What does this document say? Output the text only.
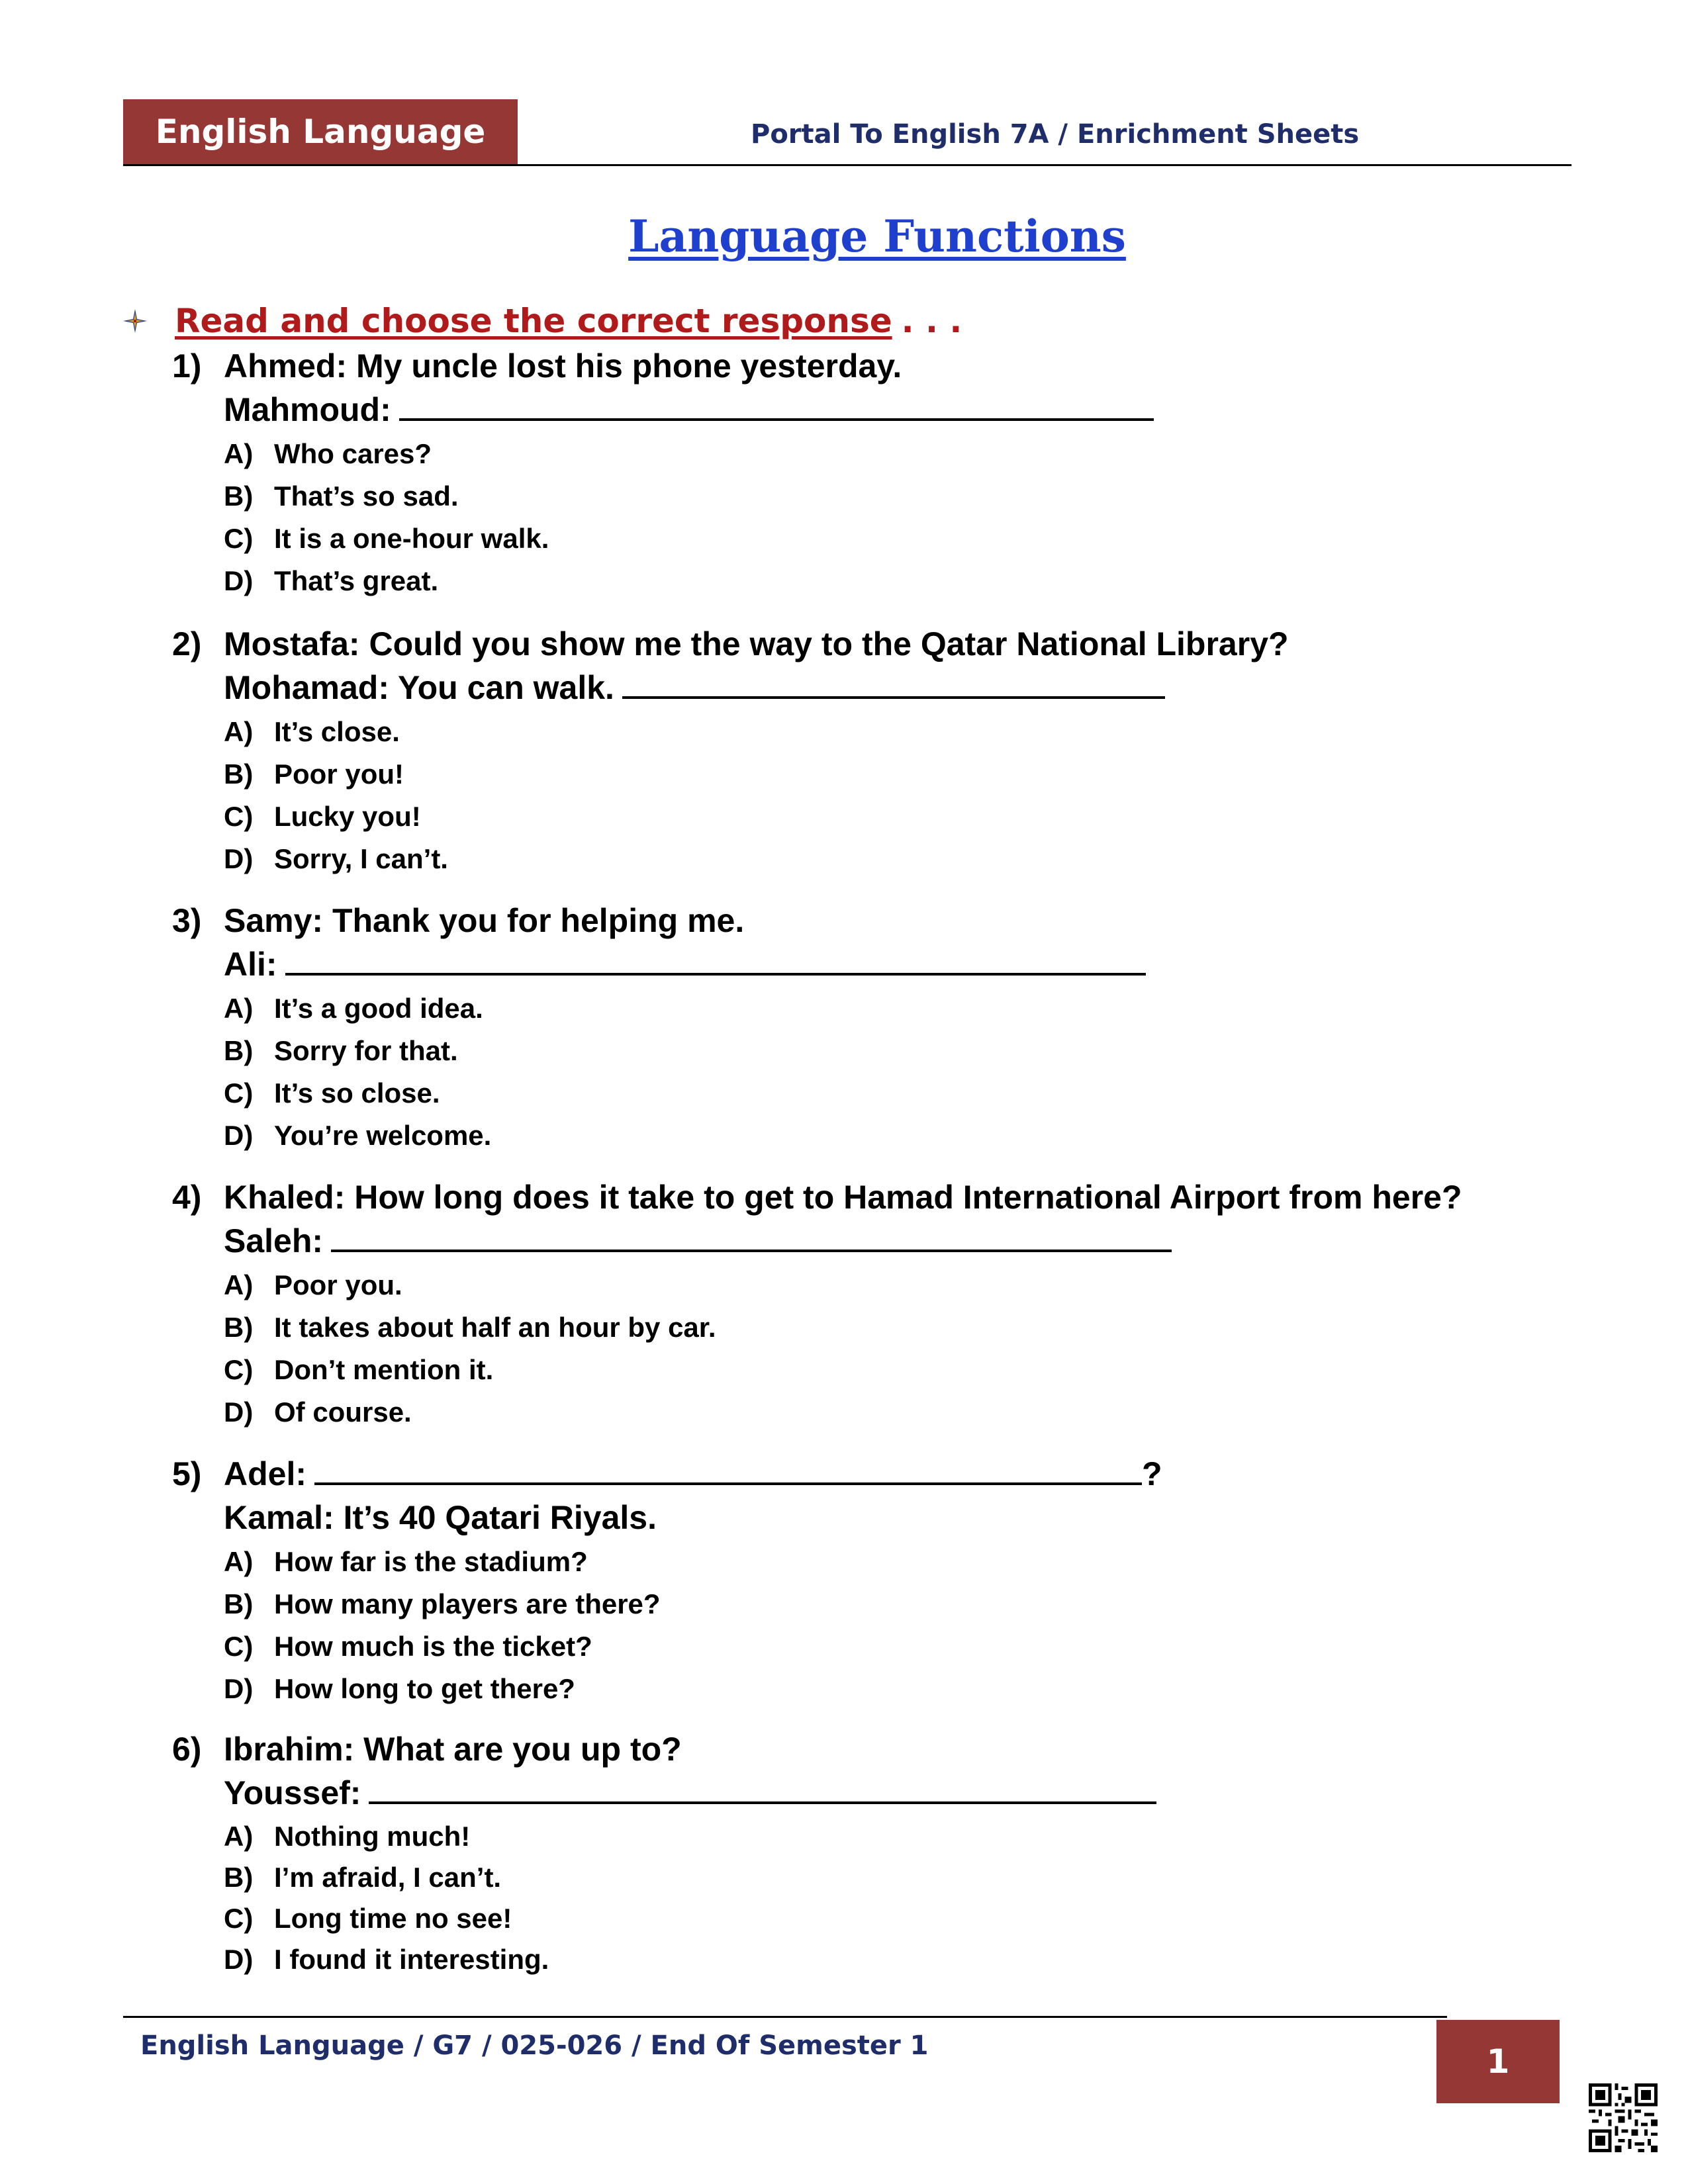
English Language	Portal To English 7A / Enrichment Sheets
Language Functions
Read and choose the correct response . . .
1) Ahmed: My uncle lost his phone yesterday.
Mahmoud:
A) Who cares?
B) That’s so sad.
C) It is a one-hour walk.
D) That’s great.
2) Mostafa: Could you show me the way to the Qatar National Library?
Mohamad: You can walk.
A) It’s close.
B) Poor you!
C) Lucky you!
D) Sorry, I can’t.
3) Samy: Thank you for helping me.
Ali:
A) It’s a good idea.
B) Sorry for that.
C) It’s so close.
D) You’re welcome.
4) Khaled: How long does it take to get to Hamad International Airport from here?
Saleh:
A) Poor you.
B) It takes about half an hour by car.
C) Don’t mention it.
D) Of course.
5) Adel:	?
Kamal: It’s 40 Qatari Riyals.
A) How far is the stadium?
B) How many players are there?
C) How much is the ticket?
D) How long to get there?
6) Ibrahim: What are you up to?
Youssef:
A) Nothing much!
B) I’m afraid, I can’t.
C) Long time no see!
D) I found it interesting.
English Language / G7 / 025-026 / End Of Semester 1	1
